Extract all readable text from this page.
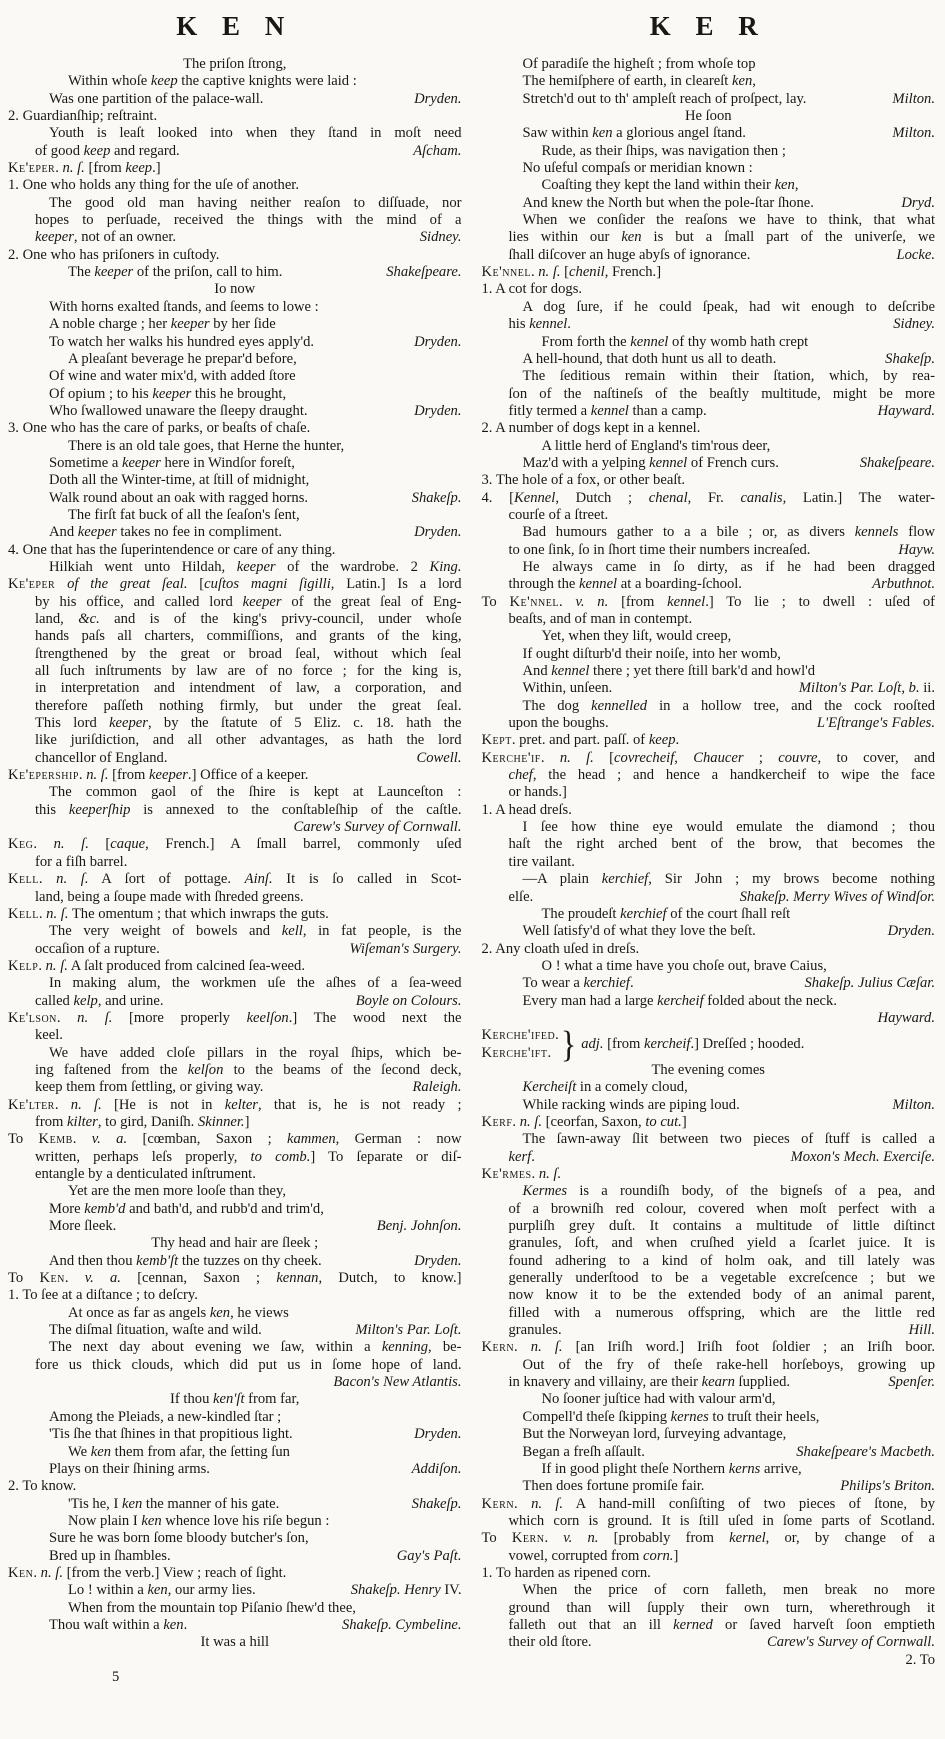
K E N
The priſon ſtrong,
Within whoſe keep the captive knights were laid :
Dryden.
Was one partition of the palace-wall.
2. Guardianſhip; reſtraint.
Youth is leaſt looked into when they ſtand in moſt need
Aſcham.
of good keep and regard.
Ke'eper. n. ſ. [from keep.]
1. One who holds any thing for the uſe of another.
The good old man having neither reaſon to diſſuade, nor
hopes to perſuade, received the things with the mind of a
Sidney.
keeper, not of an owner.
2. One who has priſoners in cuſtody.
Shakeſpeare.
The keeper of the priſon, call to him.
Io now
With horns exalted ſtands, and ſeems to lowe :
A noble charge ; her keeper by her ſide
Dryden.
To watch her walks his hundred eyes apply'd.
A pleaſant beverage he prepar'd before,
Of wine and water mix'd, with added ſtore
Of opium ; to his keeper this he brought,
Dryden.
Who ſwallowed unaware the ſleepy draught.
3. One who has the care of parks, or beaſts of chaſe.
There is an old tale goes, that Herne the hunter,
Sometime a keeper here in Windſor foreſt,
Doth all the Winter-time, at ſtill of midnight,
Shakeſp.
Walk round about an oak with ragged horns.
The firſt fat buck of all the ſeaſon's ſent,
Dryden.
And keeper takes no fee in compliment.
4. One that has the ſuperintendence or care of any thing.
Hilkiah went unto Hildah, keeper of the wardrobe. 2 King.
Ke'eper of the great ſeal. [cuſtos magni ſigilli, Latin.] Is a lord
by his office, and called lord keeper of the great ſeal of Eng-
land, &c. and is of the king's privy-council, under whoſe
hands paſs all charters, commiſſions, and grants of the king,
ſtrengthened by the great or broad ſeal, without which ſeal
all ſuch inſtruments by law are of no force ; for the king is,
in interpretation and intendment of law, a corporation, and
therefore paſſeth nothing firmly, but under the great ſeal.
This lord keeper, by the ſtatute of 5 Eliz. c. 18. hath the
like juriſdiction, and all other advantages, as hath the lord
Cowell.
chancellor of England.
Ke'epership. n. ſ. [from keeper.] Office of a keeper.
The common gaol of the ſhire is kept at Launceſton :
this keeperſhip is annexed to the conſtableſhip of the caſtle.
Carew's Survey of Cornwall.
Keg. n. ſ. [caque, French.] A ſmall barrel, commonly uſed
for a fiſh barrel.
Kell. n. ſ. A ſort of pottage. Ainſ. It is ſo called in Scot-
land, being a ſoupe made with ſhreded greens.
Kell. n. ſ. The omentum ; that which inwraps the guts.
The very weight of bowels and kell, in fat people, is the
Wiſeman's Surgery.
occaſion of a rupture.
Kelp. n. ſ. A ſalt produced from calcined ſea-weed.
In making alum, the workmen uſe the aſhes of a ſea-weed
Boyle on Colours.
called kelp, and urine.
Ke'lson. n. ſ. [more properly keelſon.] The wood next the
keel.
We have added cloſe pillars in the royal ſhips, which be-
ing faſtened from the kelſon to the beams of the ſecond deck,
Raleigh.
keep them from ſettling, or giving way.
Ke'lter. n. ſ. [He is not in kelter, that is, he is not ready ;
from kilter, to gird, Daniſh. Skinner.]
To Kemb. v. a. [cœmban, Saxon ; kammen, German : now
written, perhaps leſs properly, to comb.] To ſeparate or diſ-
entangle by a denticulated inſtrument.
Yet are the men more looſe than they,
More kemb'd and bath'd, and rubb'd and trim'd,
Benj. Johnſon.
More ſleek.
Thy head and hair are ſleek ;
Dryden.
And then thou kemb'ſt the tuzzes on thy cheek.
To Ken. v. a. [cennan, Saxon ; kennan, Dutch, to know.]
1. To ſee at a diſtance ; to deſcry.
At once as far as angels ken, he views
Milton's Par. Loſt.
The diſmal ſituation, waſte and wild.
The next day about evening we ſaw, within a kenning, be-
fore us thick clouds, which did put us in ſome hope of land.
Bacon's New Atlantis.
If thou ken'ſt from far,
Among the Pleiads, a new-kindled ſtar ;
Dryden.
'Tis ſhe that ſhines in that propitious light.
We ken them from afar, the ſetting ſun
Addiſon.
Plays on their ſhining arms.
2. To know.
Shakeſp.
'Tis he, I ken the manner of his gate.
Now plain I ken whence love his riſe begun :
Sure he was born ſome bloody butcher's ſon,
Gay's Paſt.
Bred up in ſhambles.
Ken. n. ſ. [from the verb.] View ; reach of ſight.
Shakeſp. Henry IV.
Lo ! within a ken, our army lies.
When from the mountain top Piſanio ſhew'd thee,
Shakeſp. Cymbeline.
Thou waſt within a ken.
It was a hill
5
K E R
Of paradiſe the higheſt ; from whoſe top
The hemiſphere of earth, in cleareſt ken,
Milton.
Stretch'd out to th' ampleſt reach of proſpect, lay.
He ſoon
Milton.
Saw within ken a glorious angel ſtand.
Rude, as their ſhips, was navigation then ;
No uſeful compaſs or meridian known :
Coaſting they kept the land within their ken,
Dryd.
And knew the North but when the pole-ſtar ſhone.
When we conſider the reaſons we have to think, that what
lies within our ken is but a ſmall part of the univerſe, we
Locke.
ſhall diſcover an huge abyſs of ignorance.
Ke'nnel. n. ſ. [chenil, French.]
1. A cot for dogs.
A dog ſure, if he could ſpeak, had wit enough to deſcribe
Sidney.
his kennel.
From forth the kennel of thy womb hath crept
Shakeſp.
A hell-hound, that doth hunt us all to death.
The ſeditious remain within their ſtation, which, by rea-
ſon of the naſtineſs of the beaſtly multitude, might be more
Hayward.
fitly termed a kennel than a camp.
2. A number of dogs kept in a kennel.
A little herd of England's tim'rous deer,
Shakeſpeare.
Maz'd with a yelping kennel of French curs.
3. The hole of a fox, or other beaſt.
4. [Kennel, Dutch ; chenal, Fr. canalis, Latin.] The water-
courſe of a ſtreet.
Bad humours gather to a a bile ; or, as divers kennels flow
Hayw.
to one ſink, ſo in ſhort time their numbers increaſed.
He always came in ſo dirty, as if he had been dragged
Arbuthnot.
through the kennel at a boarding-ſchool.
To Ke'nnel. v. n. [from kennel.] To lie ; to dwell : uſed of
beaſts, and of man in contempt.
Yet, when they liſt, would creep,
If ought diſturb'd their noiſe, into her womb,
And kennel there ; yet there ſtill bark'd and howl'd
Milton's Par. Loſt, b. ii.
Within, unſeen.
The dog kennelled in a hollow tree, and the cock rooſted
L'Eſtrange's Fables.
upon the boughs.
Kept. pret. and part. paſſ. of keep.
Kerche'if. n. ſ. [covrecheif, Chaucer ; couvre, to cover, and
chef, the head ; and hence a handkercheif to wipe the face
or hands.]
1. A head dreſs.
I ſee how thine eye would emulate the diamond ; thou
haſt the right arched bent of the brow, that becomes the
tire vailant.
—A plain kerchief, Sir John ; my brows become nothing
Shakeſp. Merry Wives of Windſor.
elſe.
The proudeſt kerchief of the court ſhall reſt
Dryden.
Well ſatisfy'd of what they love the beſt.
2. Any cloath uſed in dreſs.
O ! what a time have you choſe out, brave Caius,
Shakeſp. Julius Cæſar.
To wear a kerchief.
Every man had a large kercheif folded about the neck.
Hayward.
Kerche'ifed.
Kerche'ift. } adj. [from kercheif.] Dreſſed ; hooded.
The evening comes
Kercheiſt in a comely cloud,
Milton.
While racking winds are piping loud.
Kerf. n. ſ. [ceorfan, Saxon, to cut.]
The ſawn-away ſlit between two pieces of ſtuff is called a
Moxon's Mech. Exerciſe.
kerf.
Ke'rmes. n. ſ.
Kermes is a roundiſh body, of the bigneſs of a pea, and
of a browniſh red colour, covered when moſt perfect with a
purpliſh grey duſt. It contains a multitude of little diſtinct
granules, ſoft, and when cruſhed yield a ſcarlet juice. It is
found adhering to a kind of holm oak, and till lately was
generally underſtood to be a vegetable excreſcence ; but we
now know it to be the extended body of an animal parent,
filled with a numerous offspring, which are the little red
Hill.
granules.
Kern. n. ſ. [an Iriſh word.] Iriſh foot ſoldier ; an Iriſh boor.
Out of the fry of theſe rake-hell horſeboys, growing up
Spenſer.
in knavery and villainy, are their kearn ſupplied.
No ſooner juſtice had with valour arm'd,
Compell'd theſe ſkipping kernes to truſt their heels,
But the Norweyan lord, ſurveying advantage,
Shakeſpeare's Macbeth.
Began a freſh aſſault.
If in good plight theſe Northern kerns arrive,
Philips's Briton.
Then does fortune promiſe fair.
Kern. n. ſ. A hand-mill conſiſting of two pieces of ſtone, by
which corn is ground. It is ſtill uſed in ſome parts of Scotland.
To Kern. v. n. [probably from kernel, or, by change of a
vowel, corrupted from corn.]
1. To harden as ripened corn.
When the price of corn falleth, men break no more
ground than will ſupply their own turn, wherethrough it
falleth out that an ill kerned or ſaved harveſt ſoon emptieth
Carew's Survey of Cornwall.
their old ſtore.
2. To
